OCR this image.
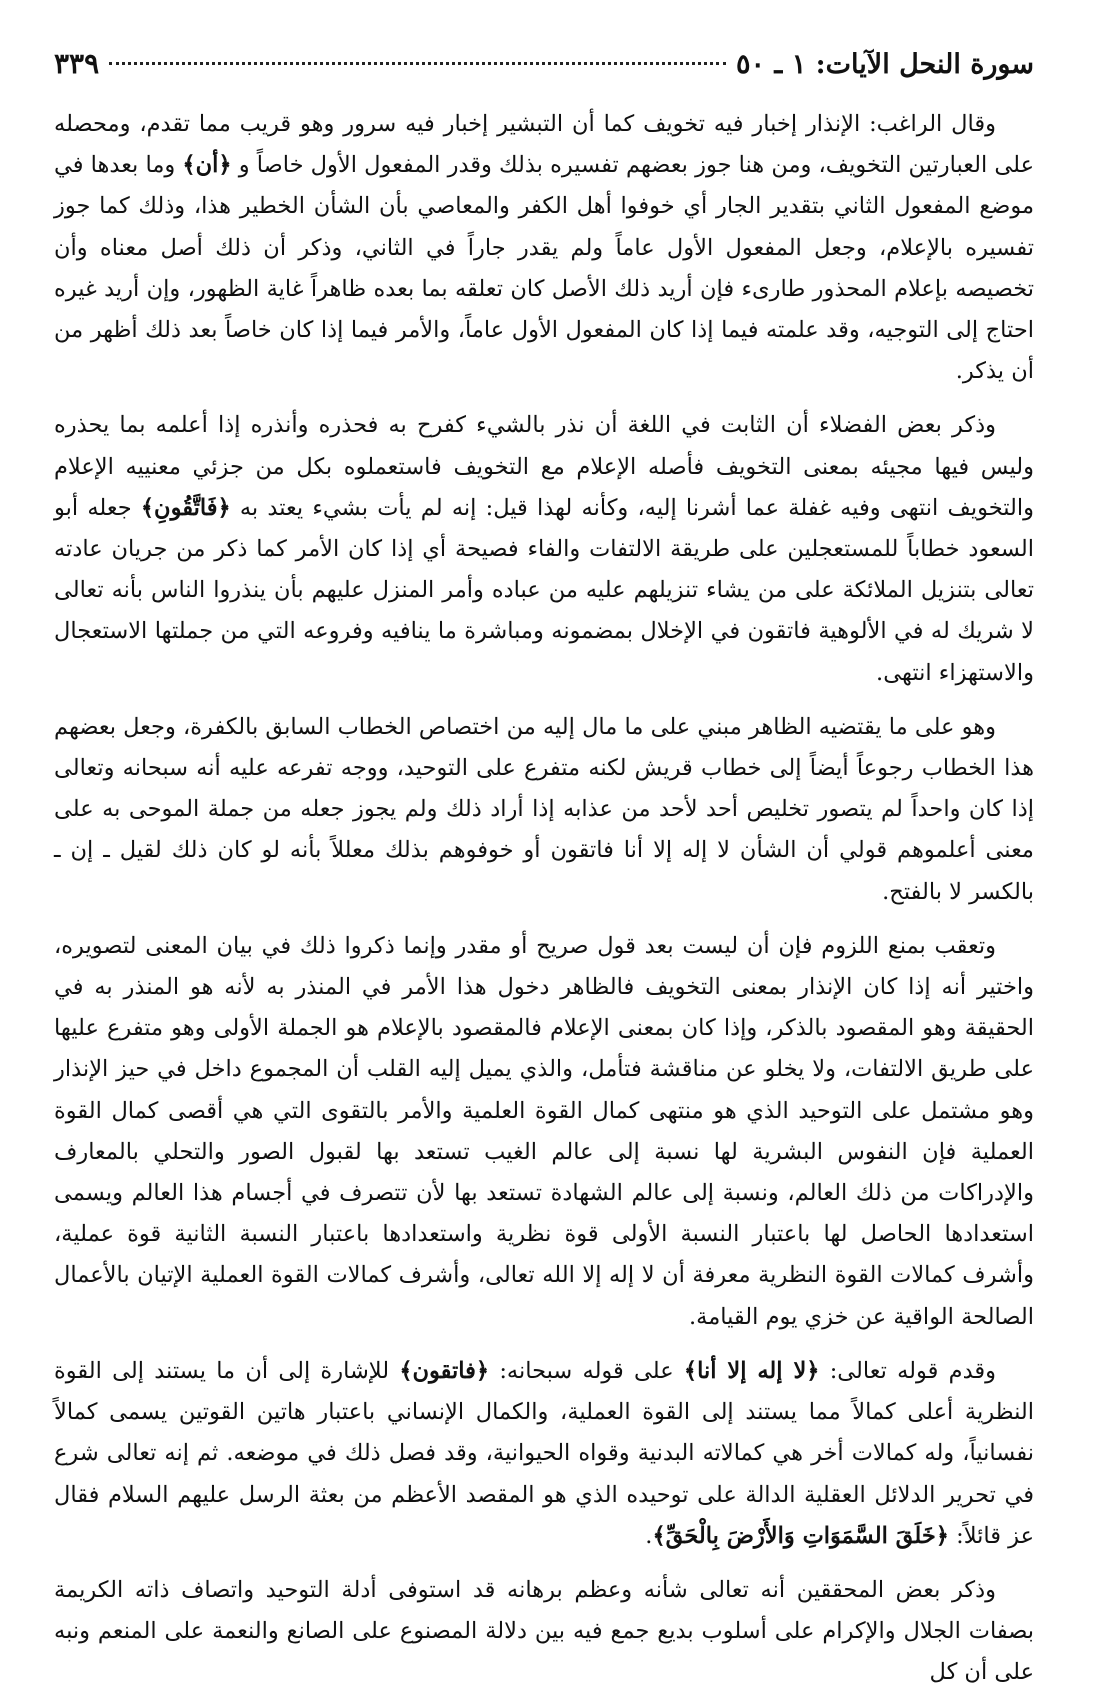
سورة النحل الآيات: ١ ـ ٥٠
٣٣٩

وقال الراغب: الإنذار إخبار فيه تخويف كما أن التبشير إخبار فيه سرور وهو قريب مما تقدم، ومحصله على العبارتين التخويف، ومن هنا جوز بعضهم تفسيره بذلك وقدر المفعول الأول خاصاً و ﴿أن﴾ وما بعدها في موضع المفعول الثاني بتقدير الجار أي خوفوا أهل الكفر والمعاصي بأن الشأن الخطير هذا، وذلك كما جوز تفسيره بالإعلام، وجعل المفعول الأول عاماً ولم يقدر جاراً في الثاني، وذكر أن ذلك أصل معناه وأن تخصيصه بإعلام المحذور طارىء فإن أريد ذلك الأصل كان تعلقه بما بعده ظاهراً غاية الظهور، وإن أريد غيره احتاج إلى التوجيه، وقد علمته فيما إذا كان المفعول الأول عاماً، والأمر فيما إذا كان خاصاً بعد ذلك أظهر من أن يذكر.

وذكر بعض الفضلاء أن الثابت في اللغة أن نذر بالشيء كفرح به فحذره وأنذره إذا أعلمه بما يحذره وليس فيها مجيئه بمعنى التخويف فأصله الإعلام مع التخويف فاستعملوه بكل من جزئي معنييه الإعلام والتخويف انتهى وفيه غفلة عما أشرنا إليه، وكأنه لهذا قيل: إنه لم يأت بشيء يعتد به ﴿فَاتَّقُونِ﴾ جعله أبو السعود خطاباً للمستعجلين على طريقة الالتفات والفاء فصيحة أي إذا كان الأمر كما ذكر من جريان عادته تعالى بتنزيل الملائكة على من يشاء تنزيلهم عليه من عباده وأمر المنزل عليهم بأن ينذروا الناس بأنه تعالى لا شريك له في الألوهية فاتقون في الإخلال بمضمونه ومباشرة ما ينافيه وفروعه التي من جملتها الاستعجال والاستهزاء انتهى.

وهو على ما يقتضيه الظاهر مبني على ما مال إليه من اختصاص الخطاب السابق بالكفرة، وجعل بعضهم هذا الخطاب رجوعاً أيضاً إلى خطاب قريش لكنه متفرع على التوحيد، ووجه تفرعه عليه أنه سبحانه وتعالى إذا كان واحداً لم يتصور تخليص أحد لأحد من عذابه إذا أراد ذلك ولم يجوز جعله من جملة الموحى به على معنى أعلموهم قولي أن الشأن لا إله إلا أنا فاتقون أو خوفوهم بذلك معللاً بأنه لو كان ذلك لقيل ـ إن ـ بالكسر لا بالفتح.

وتعقب بمنع اللزوم فإن أن ليست بعد قول صريح أو مقدر وإنما ذكروا ذلك في بيان المعنى لتصويره، واختير أنه إذا كان الإنذار بمعنى التخويف فالظاهر دخول هذا الأمر في المنذر به لأنه هو المنذر به في الحقيقة وهو المقصود بالذكر، وإذا كان بمعنى الإعلام فالمقصود بالإعلام هو الجملة الأولى وهو متفرع عليها على طريق الالتفات، ولا يخلو عن مناقشة فتأمل، والذي يميل إليه القلب أن المجموع داخل في حيز الإنذار وهو مشتمل على التوحيد الذي هو منتهى كمال القوة العلمية والأمر بالتقوى التي هي أقصى كمال القوة العملية فإن النفوس البشرية لها نسبة إلى عالم الغيب تستعد بها لقبول الصور والتحلي بالمعارف والإدراكات من ذلك العالم، ونسبة إلى عالم الشهادة تستعد بها لأن تتصرف في أجسام هذا العالم ويسمى استعدادها الحاصل لها باعتبار النسبة الأولى قوة نظرية واستعدادها باعتبار النسبة الثانية قوة عملية، وأشرف كمالات القوة النظرية معرفة أن لا إله إلا الله تعالى، وأشرف كمالات القوة العملية الإتيان بالأعمال الصالحة الواقية عن خزي يوم القيامة.

وقدم قوله تعالى: ﴿لا إله إلا أنا﴾ على قوله سبحانه: ﴿فاتقون﴾ للإشارة إلى أن ما يستند إلى القوة النظرية أعلى كمالاً مما يستند إلى القوة العملية، والكمال الإنساني باعتبار هاتين القوتين يسمى كمالاً نفسانياً، وله كمالات أخر هي كمالاته البدنية وقواه الحيوانية، وقد فصل ذلك في موضعه. ثم إنه تعالى شرع في تحرير الدلائل العقلية الدالة على توحيده الذي هو المقصد الأعظم من بعثة الرسل عليهم السلام فقال عز قائلاً: ﴿خَلَقَ السَّمَوَاتِ وَالأَرْضَ بِالْحَقِّ﴾.

وذكر بعض المحققين أنه تعالى شأنه وعظم برهانه قد استوفى أدلة التوحيد واتصاف ذاته الكريمة بصفات الجلال والإكرام على أسلوب بديع جمع فيه بين دلالة المصنوع على الصانع والنعمة على المنعم ونبه على أن كل
